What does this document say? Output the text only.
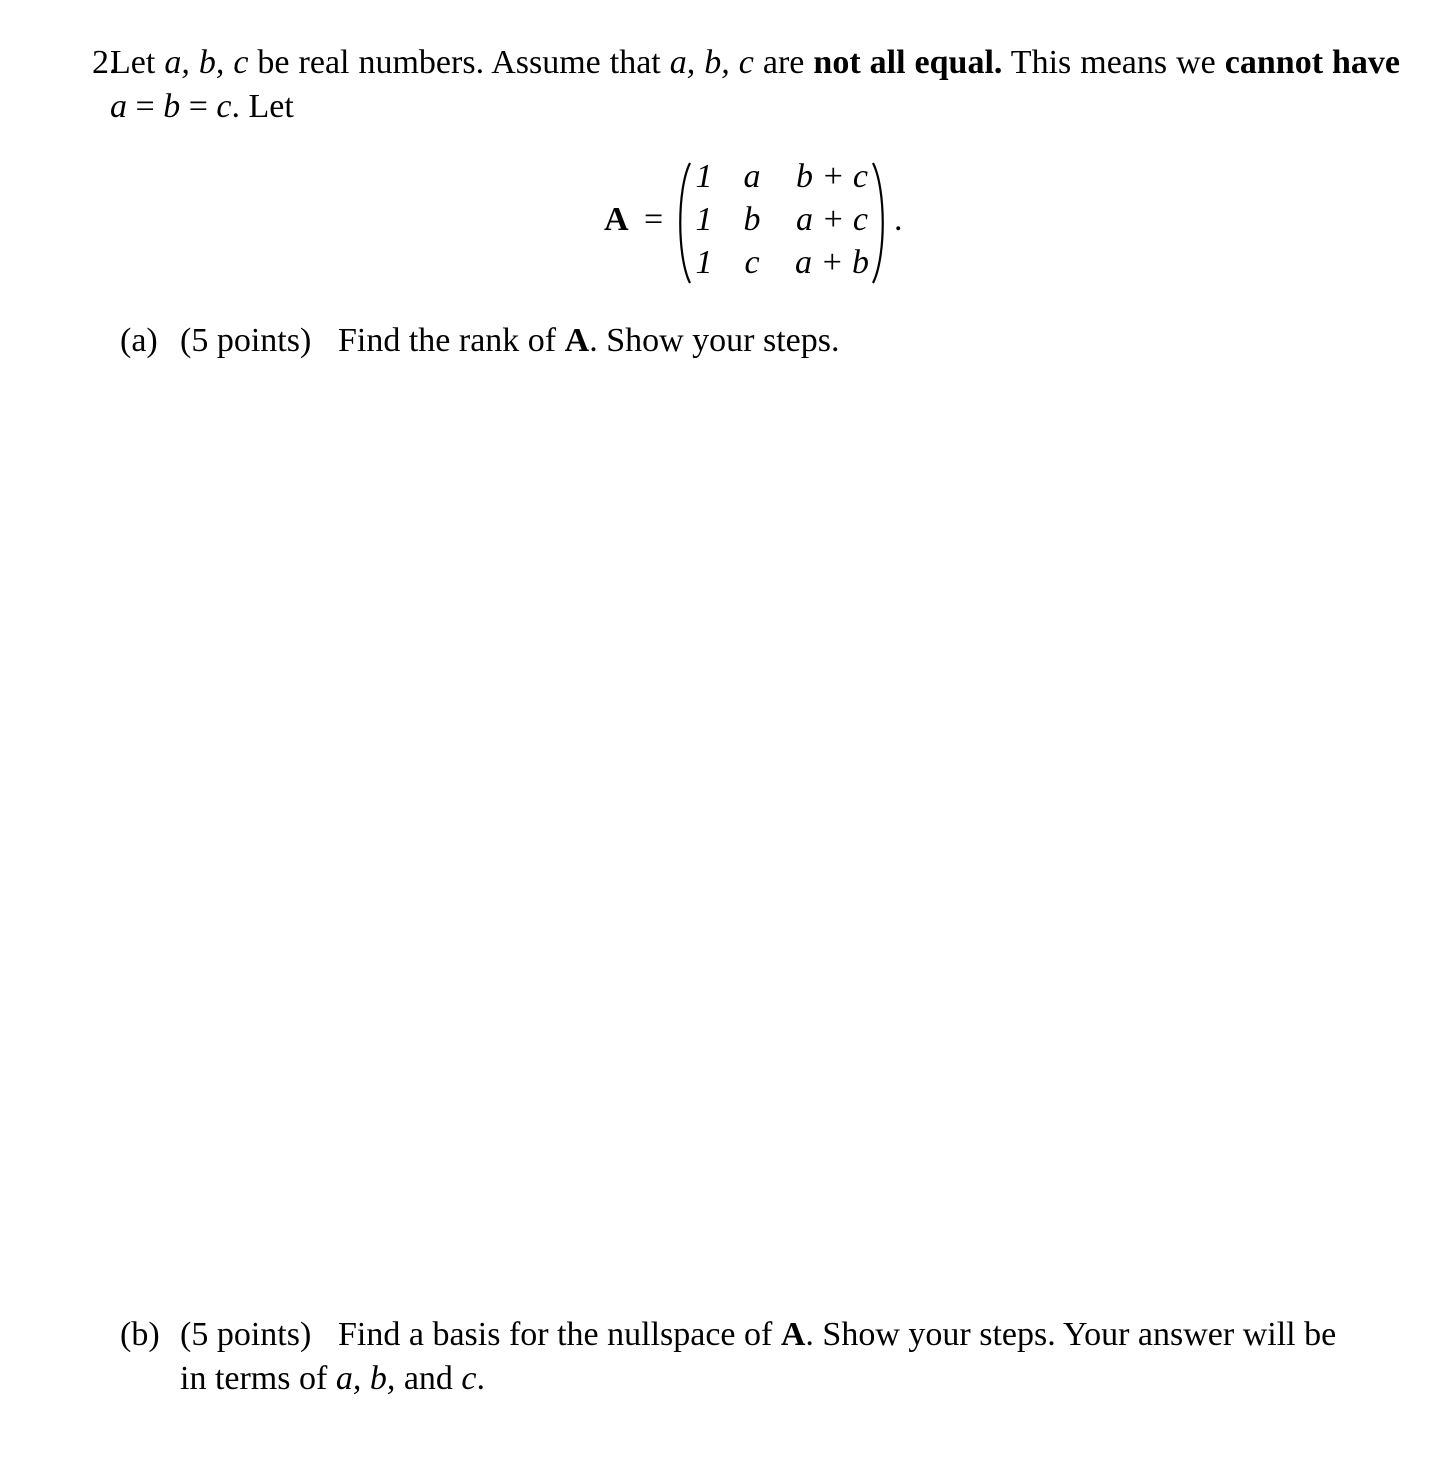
2.
Let a, b, c be real numbers. Assume that a, b, c are not all equal. This means we cannot have a = b = c. Let
A =
1 a	b + c
1 b	a + c
1 c	a + b
.
(a) (5 points) Find the rank of A. Show your steps.
(b) (5 points) Find a basis for the nullspace of A. Show your steps. Your answer will be
in terms of a, b, and c.
